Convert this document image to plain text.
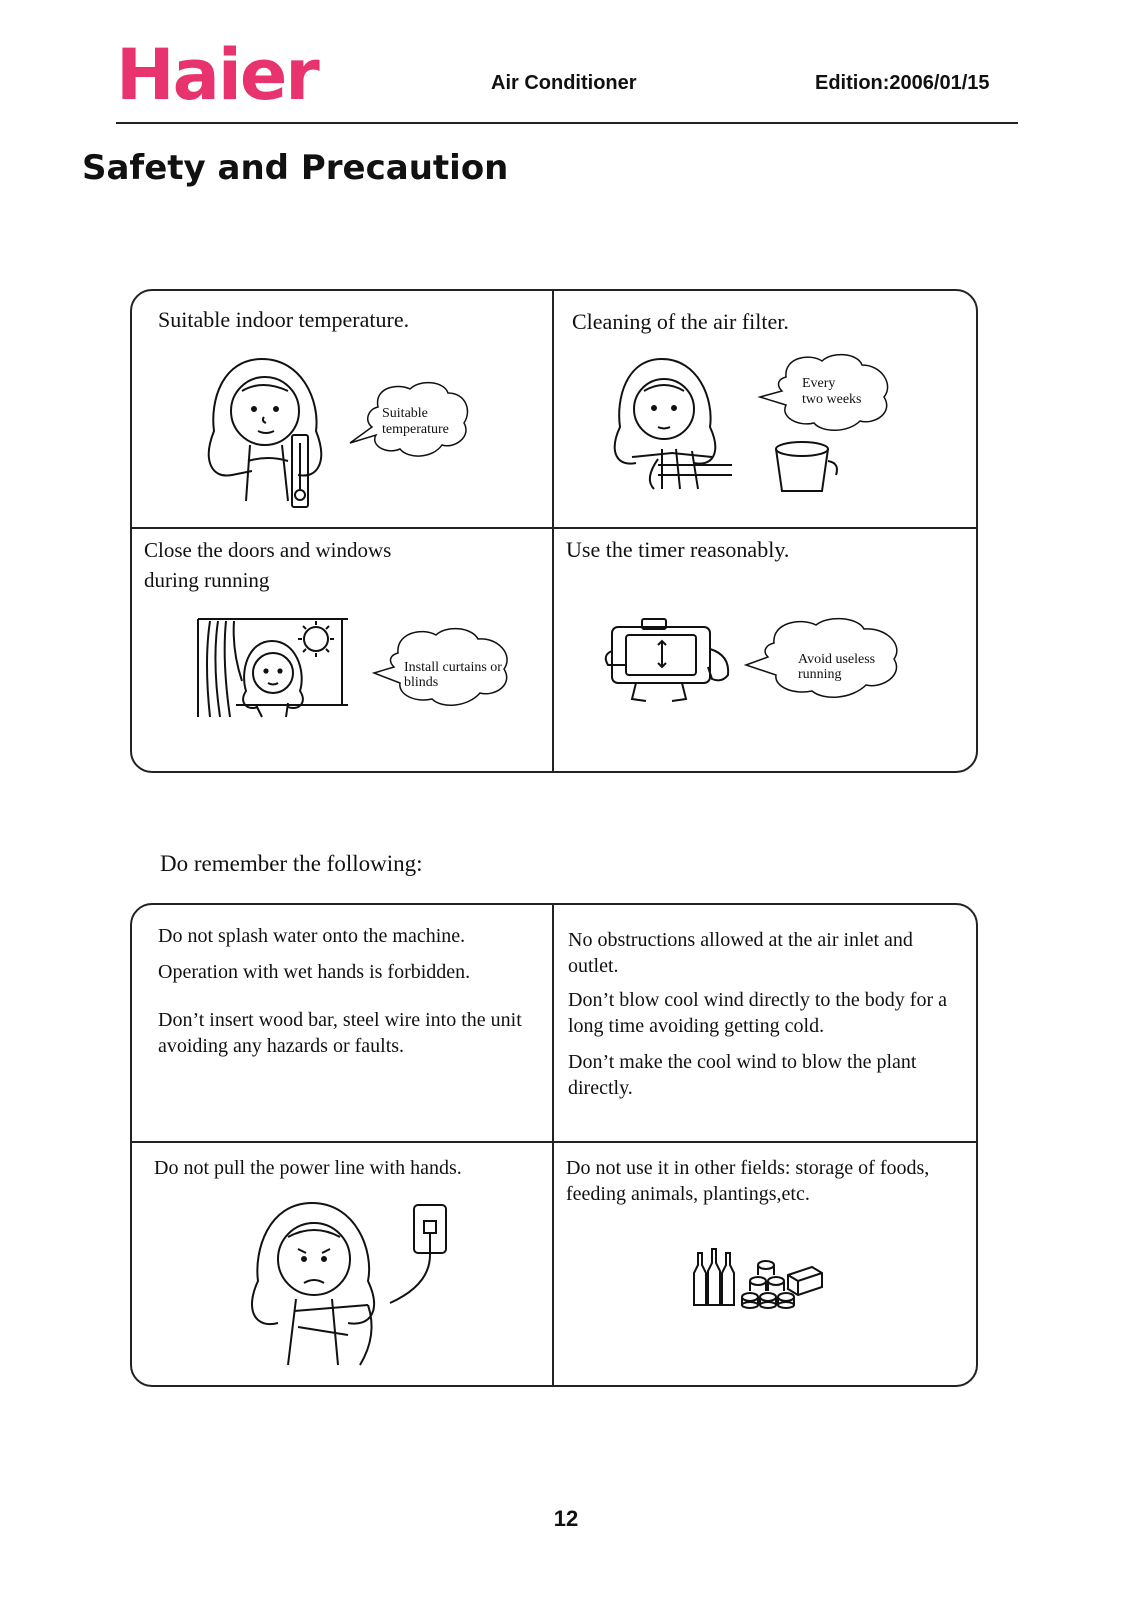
Haier	Air Conditioner	Edition:2006/01/15
Safety and Precaution
Suitable indoor temperature.
Suitable
temperature
Cleaning of the air filter.
Every
two weeks
Close the doors and windows
during running
Install curtains or
blinds
Use the timer reasonably.
Avoid useless
running
Do remember the following:
Do not splash water onto the machine.
Operation with wet hands is forbidden.
Don’t insert wood bar, steel wire into the unit avoiding any hazards or faults.
No obstructions allowed at the air inlet and outlet.
Don’t blow cool wind directly to the body for a long time avoiding getting cold.
Don’t make the cool wind to blow the plant directly.
Do not pull the power line with hands.	Do not use it in other fields: storage of foods, feeding animals, plantings,etc.
12
